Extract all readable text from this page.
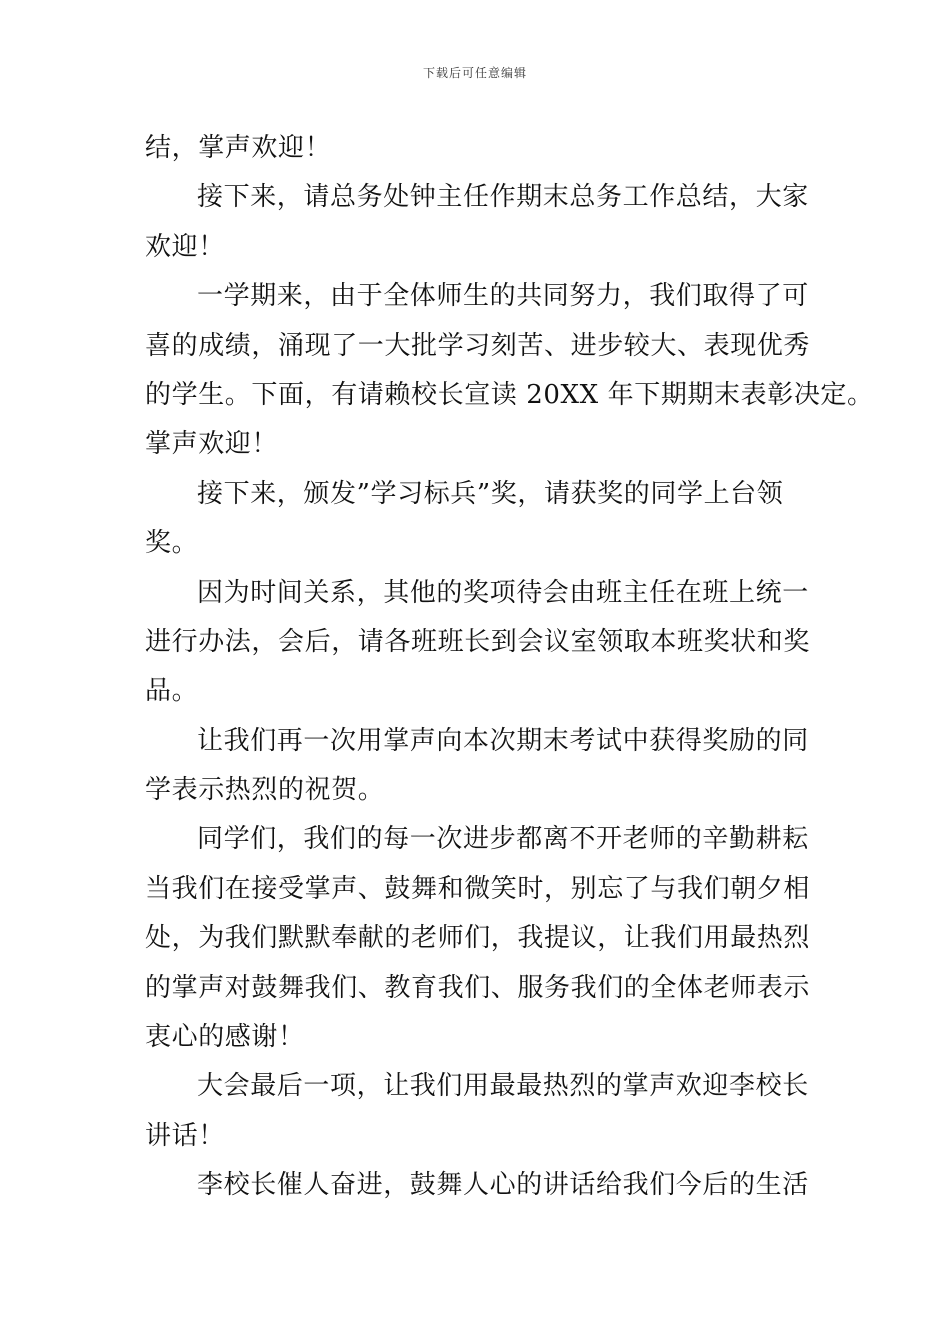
下载后可任意编辑
结，掌声欢迎！
接下来，请总务处钟主任作期末总务工作总结，大家
欢迎！
一学期来，由于全体师生的共同努力，我们取得了可
喜的成绩，涌现了一大批学习刻苦、进步较大、表现优秀
的学生。下面，有请赖校长宣读 20XX 年下期期末表彰决定。
掌声欢迎！
接下来，颁发”学习标兵”奖，请获奖的同学上台领
奖。
因为时间关系，其他的奖项待会由班主任在班上统一
进行办法，会后，请各班班长到会议室领取本班奖状和奖
品。
让我们再一次用掌声向本次期末考试中获得奖励的同
学表示热烈的祝贺。
同学们，我们的每一次进步都离不开老师的辛勤耕耘
当我们在接受掌声、鼓舞和微笑时，别忘了与我们朝夕相
处，为我们默默奉献的老师们，我提议，让我们用最热烈
的掌声对鼓舞我们、教育我们、服务我们的全体老师表示
衷心的感谢！
大会最后一项，让我们用最最热烈的掌声欢迎李校长
讲话！
李校长催人奋进，鼓舞人心的讲话给我们今后的生活
